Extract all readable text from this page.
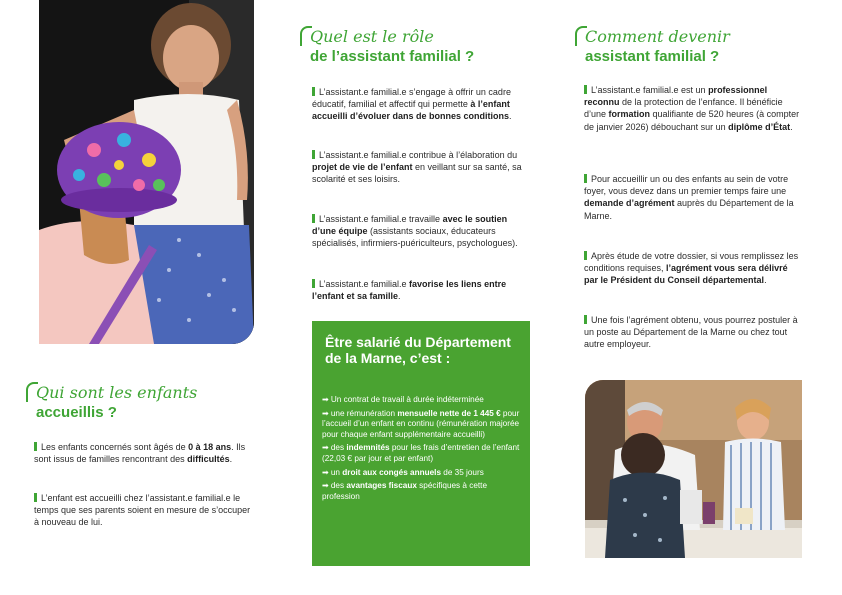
Qui sont les enfants
accueillis ?
Les enfants concernés sont âgés de 0 à 18 ans. Ils sont issus de familles rencontrant des difficultés.
L’enfant est accueilli chez l’assistant.e familial.e le temps que ses parents soient en mesure de s’occuper à nouveau de lui.
Quel est le rôle
de l’assistant familial ?
L’assistant.e familial.e s’engage à offrir un cadre éducatif, familial et affectif qui permette à l’enfant accueilli d’évoluer dans de bonnes conditions.
L’assistant.e familial.e contribue à l’élaboration du projet de vie de l’enfant en veillant sur sa santé, sa scolarité et ses loisirs.
L’assistant.e familial.e travaille avec le soutien d’une équipe (assistants sociaux, éducateurs spécialisés, infirmiers-puériculteurs, psychologues).
L’assistant.e familial.e favorise les liens entre l’enfant et sa famille.
Être salarié du Département de la Marne, c’est :
➡ Un contrat de travail à durée indéterminée
➡ une rémunération mensuelle nette de 1 445 € pour l’accueil d’un enfant en continu (rémunération majorée pour chaque enfant supplémentaire accueilli)
➡ des indemnités pour les frais d’entretien de l’enfant (22,03 € par jour et par enfant)
➡ un droit aux congés annuels de 35 jours
➡ des avantages fiscaux spécifiques à cette profession
Comment devenir
assistant familial ?
L’assistant.e familial.e est un professionnel reconnu de la protection de l’enfance. Il bénéficie d’une formation qualifiante de 520 heures (à compter de janvier 2026) débouchant sur un diplôme d’État.
Pour accueillir un ou des enfants au sein de votre foyer, vous devez dans un premier temps faire une demande d’agrément auprès du Département de la Marne.
Après étude de votre dossier, si vous remplissez les conditions requises, l’agrément vous sera délivré par le Président du Conseil départemental.
Une fois l’agrément obtenu, vous pourrez postuler à un poste au Département de la Marne ou chez tout autre employeur.
